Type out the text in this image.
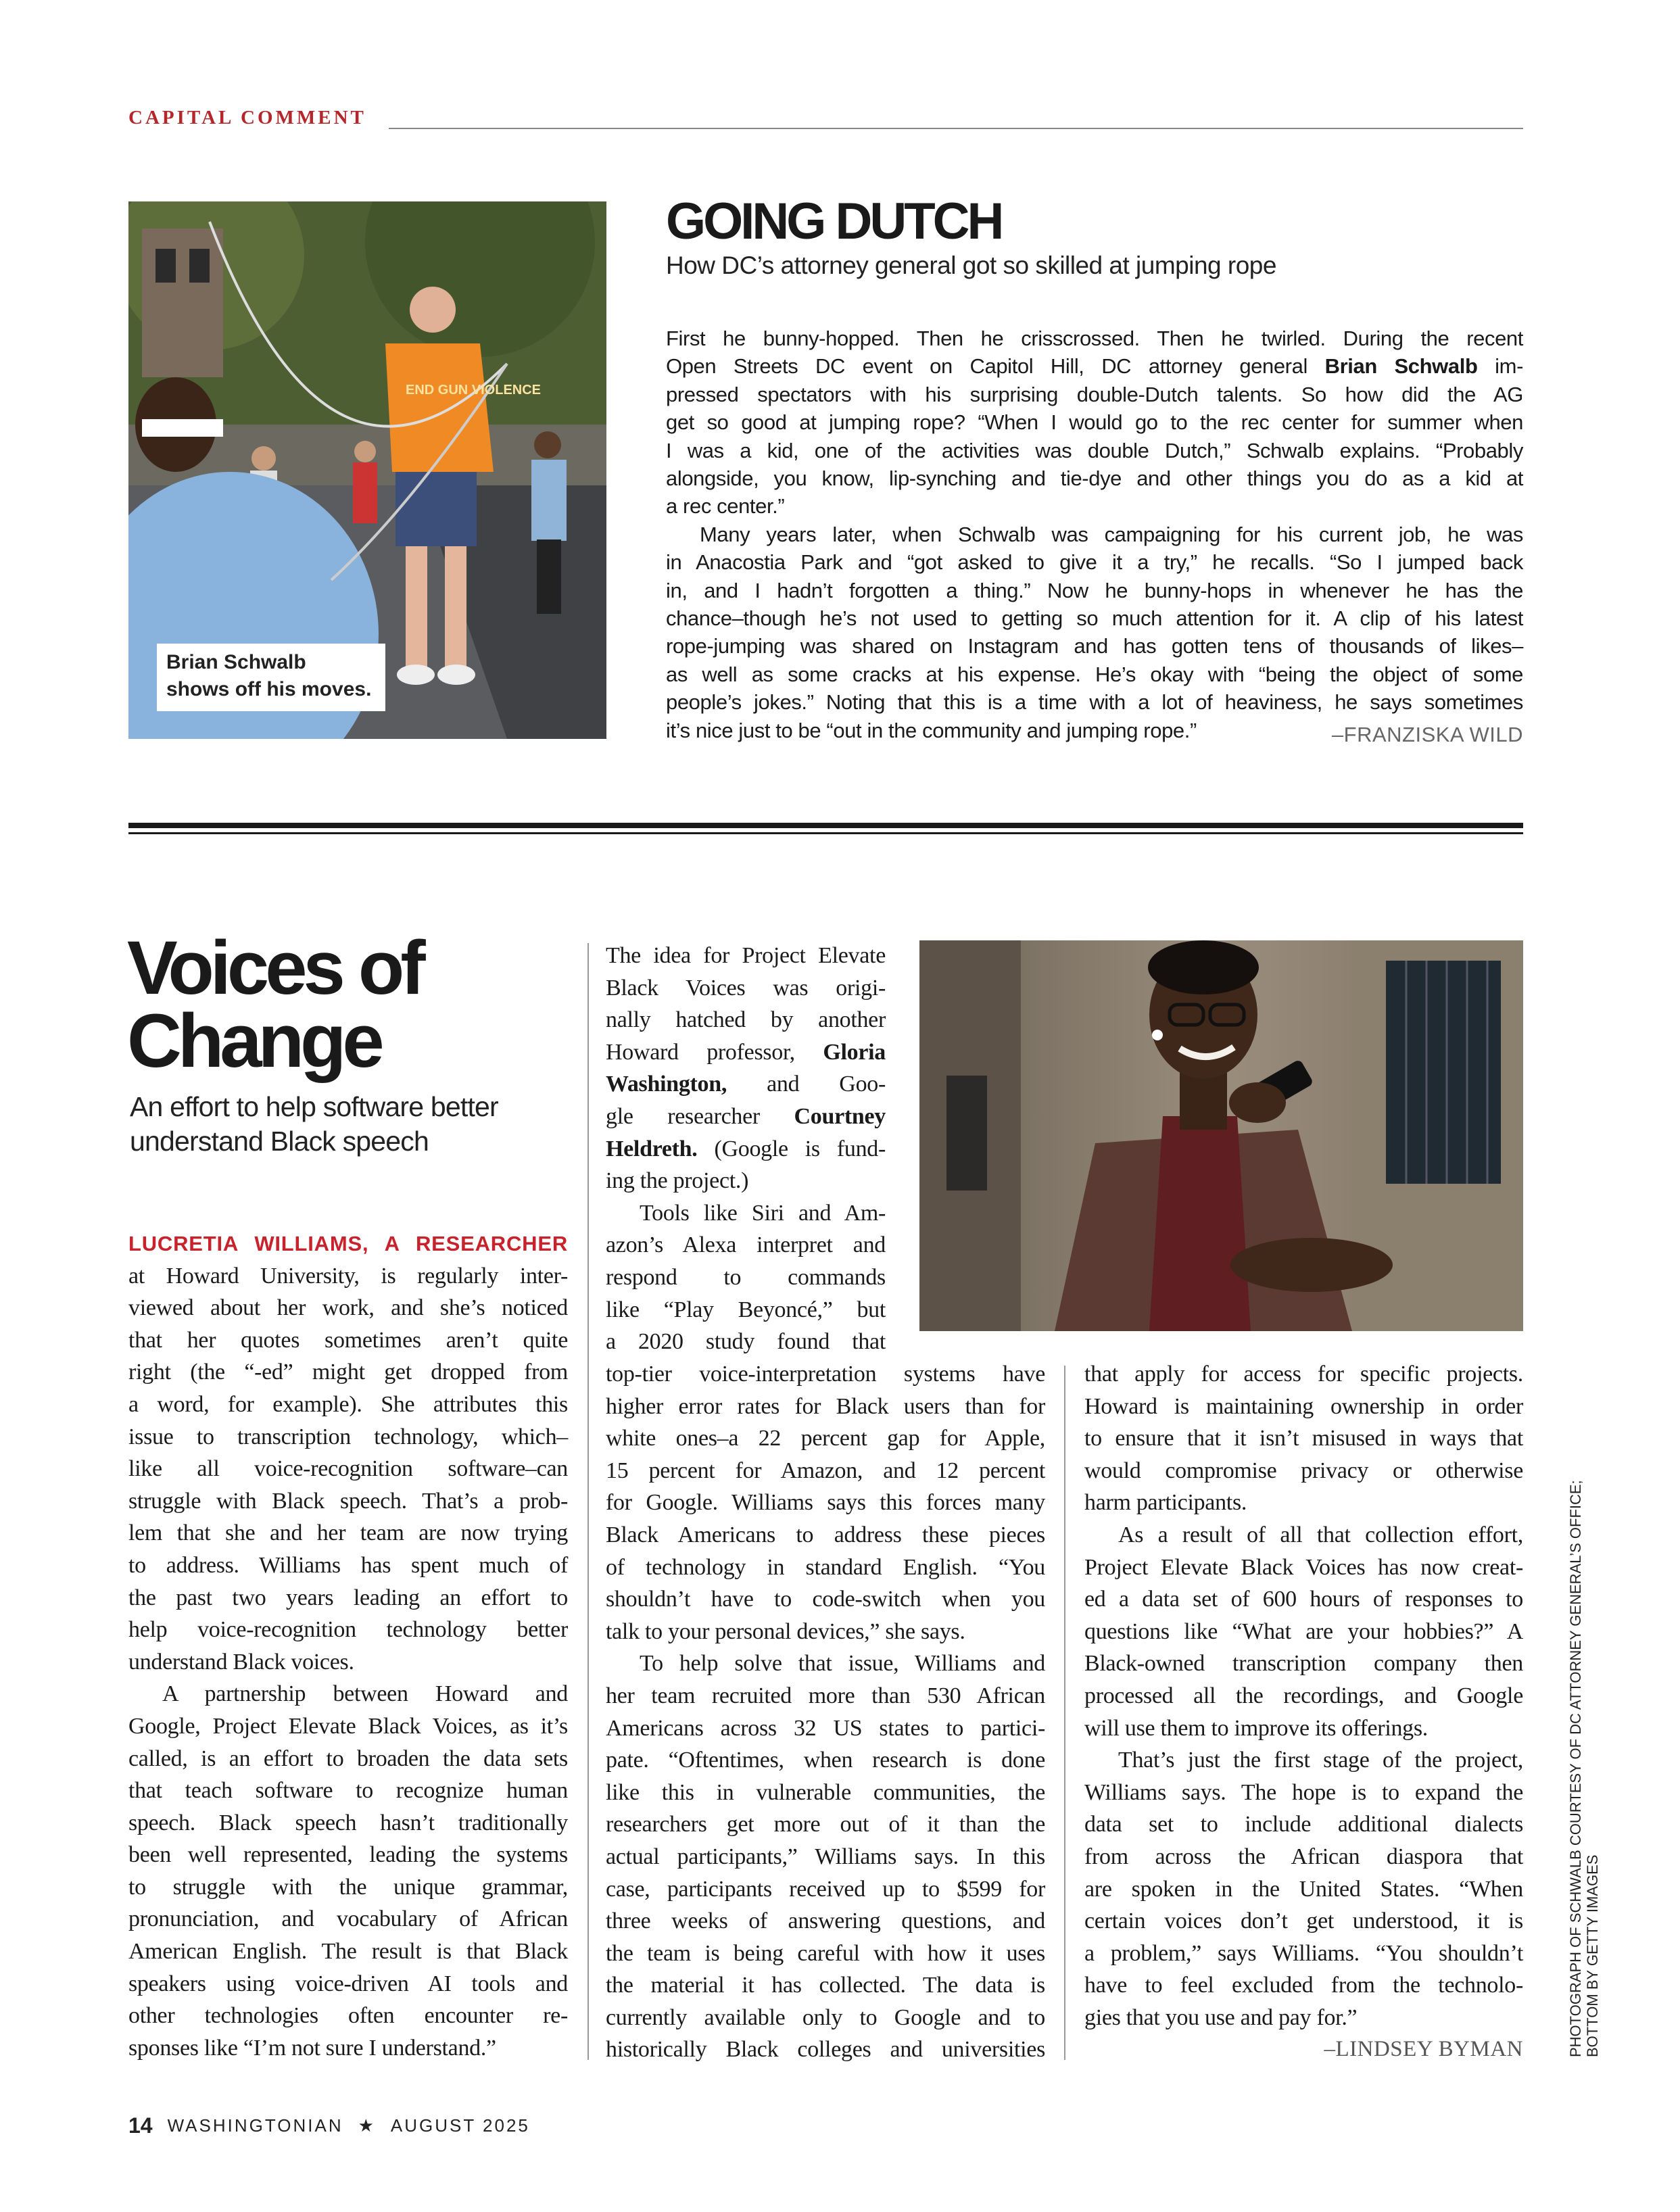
CAPITAL COMMENT
END GUN VIOLENCE
Brian Schwalb
shows off his moves.
GOING DUTCH
How DC’s attorney general got so skilled at jumping rope
First he bunny-hopped. Then he crisscrossed. Then he twirled. During the recent
Open Streets DC event on Capitol Hill, DC attorney general Brian Schwalb im-
pressed spectators with his surprising double-Dutch talents. So how did the AG
get so good at jumping rope? “When I would go to the rec center for summer when
I was a kid, one of the activities was double Dutch,” Schwalb explains. “Probably
alongside, you know, lip-synching and tie-dye and other things you do as a kid at
a rec center.”
Many years later, when Schwalb was campaigning for his current job, he was
in Anacostia Park and “got asked to give it a try,” he recalls. “So I jumped back
in, and I hadn’t forgotten a thing.” Now he bunny-hops in whenever he has the
chance–though he’s not used to getting so much attention for it. A clip of his latest
rope-jumping was shared on Instagram and has gotten tens of thousands of likes–
as well as some cracks at his expense. He’s okay with “being the object of some
people’s jokes.” Noting that this is a time with a lot of heaviness, he says sometimes
it’s nice just to be “out in the community and jumping rope.”	–FRANZISKA WILD
Voices of
Change
An effort to help software better understand Black speech
LUCRETIA WILLIAMS, A RESEARCHER
at Howard University, is regularly inter-
viewed about her work, and she’s noticed
that her quotes sometimes aren’t quite
right (the “-ed” might get dropped from
a word, for example). She attributes this
issue to transcription technology, which–
like all voice-recognition software–can
struggle with Black speech. That’s a prob-
lem that she and her team are now trying
to address. Williams has spent much of
the past two years leading an effort to
help voice-recognition technology better
understand Black voices.
A partnership between Howard and
Google, Project Elevate Black Voices, as it’s
called, is an effort to broaden the data sets
that teach software to recognize human
speech. Black speech hasn’t traditionally
been well represented, leading the systems
to struggle with the unique grammar,
pronunciation, and vocabulary of African
American English. The result is that Black
speakers using voice-driven AI tools and
other technologies often encounter re-
sponses like “I’m not sure I understand.”
The idea for Project Elevate
Black Voices was origi-
nally hatched by another
Howard professor, Gloria
Washington, and Goo-
gle researcher Courtney
Heldreth. (Google is fund-
ing the project.)
Tools like Siri and Am-
azon’s Alexa interpret and
respond to commands
like “Play Beyoncé,” but
a 2020 study found that
top-tier voice-interpretation systems have
higher error rates for Black users than for
white ones–a 22 percent gap for Apple,
15 percent for Amazon, and 12 percent
for Google. Williams says this forces many
Black Americans to address these pieces
of technology in standard English. “You
shouldn’t have to code-switch when you
talk to your personal devices,” she says.
To help solve that issue, Williams and
her team recruited more than 530 African
Americans across 32 US states to partici-
pate. “Oftentimes, when research is done
like this in vulnerable communities, the
researchers get more out of it than the
actual participants,” Williams says. In this
case, participants received up to $599 for
three weeks of answering questions, and
the team is being careful with how it uses
the material it has collected. The data is
currently available only to Google and to
historically Black colleges and universities
that apply for access for specific projects.
Howard is maintaining ownership in order
to ensure that it isn’t misused in ways that
would compromise privacy or otherwise
harm participants.
As a result of all that collection effort,
Project Elevate Black Voices has now creat-
ed a data set of 600 hours of responses to
questions like “What are your hobbies?” A
Black-owned transcription company then
processed all the recordings, and Google
will use them to improve its offerings.
That’s just the first stage of the project,
Williams says. The hope is to expand the
data set to include additional dialects
from across the African diaspora that
are spoken in the United States. “When
certain voices don’t get understood, it is
a problem,” says Williams. “You shouldn’t
have to feel excluded from the technolo-
gies that you use and pay for.”
–LINDSEY BYMAN	PHOTOGRAPH OF SCHWALB COURTESY OF DC ATTORNEY GENERAL’S OFFICE; BOTTOM BY GETTY IMAGES
14 WASHINGTONIAN ★ AUGUST 2025
